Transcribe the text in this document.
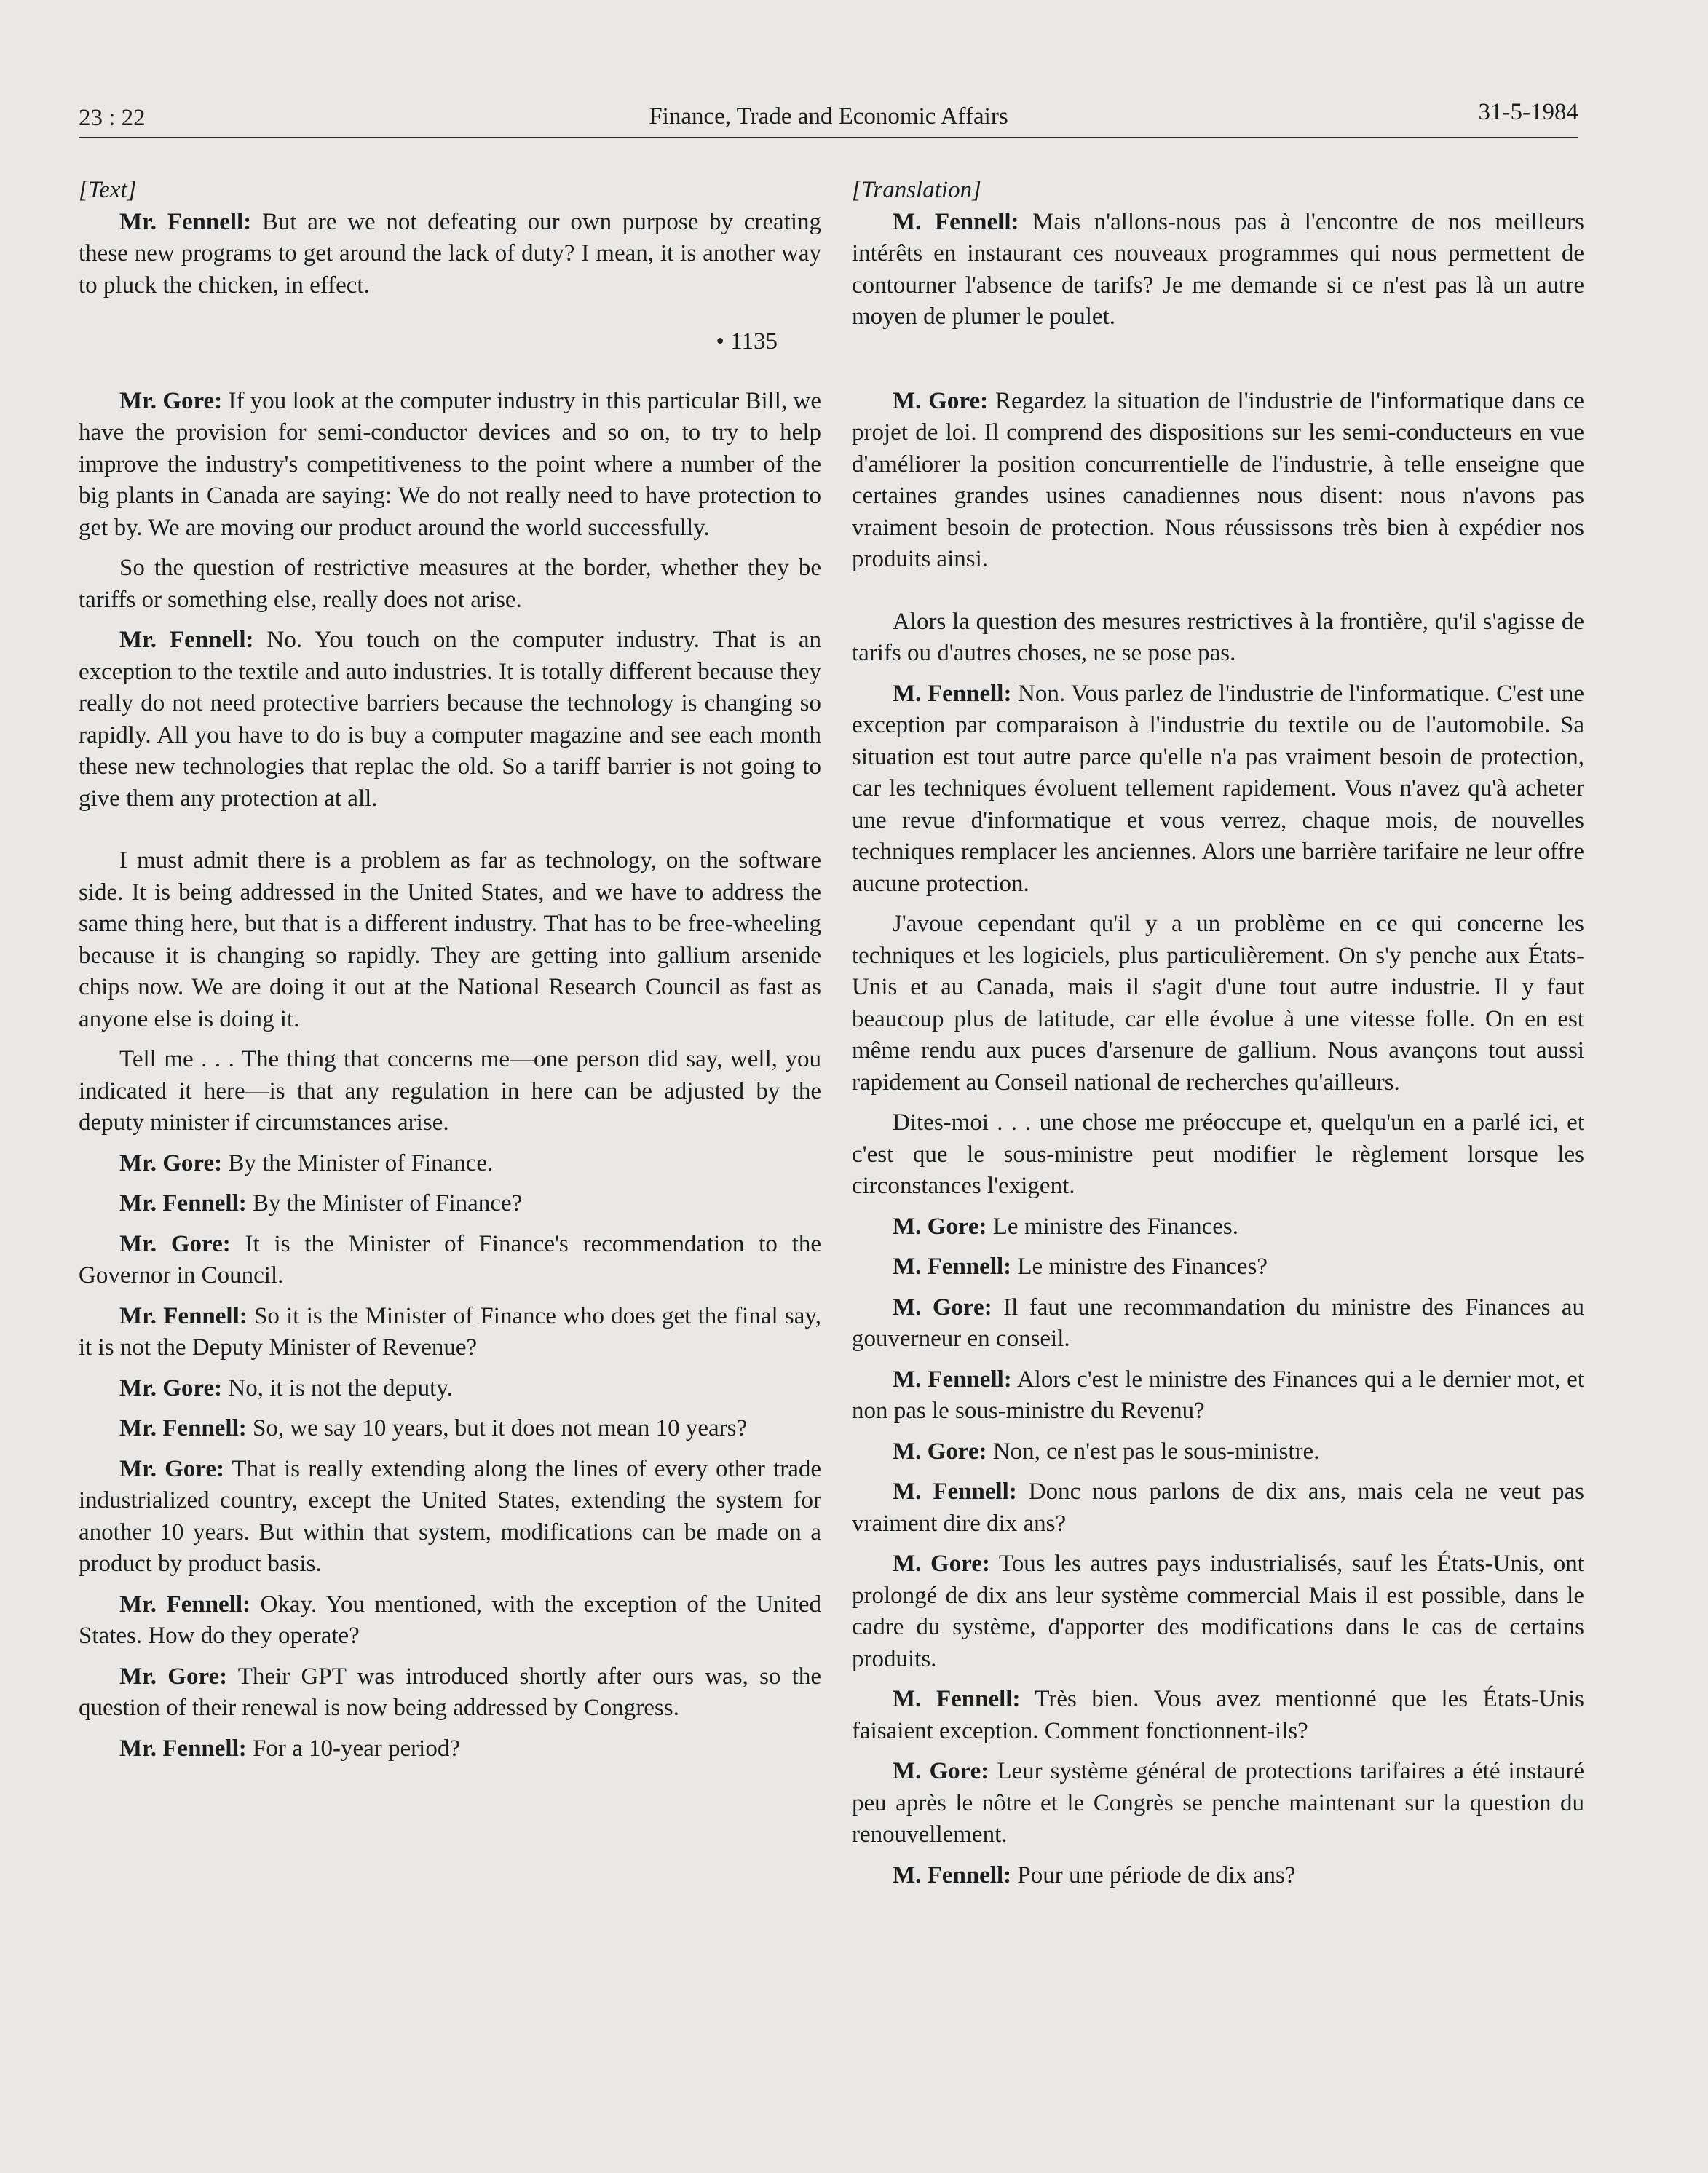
23 : 22	Finance, Trade and Economic Affairs	31-5-1984

[Text]

Mr. Fennell: But are we not defeating our own purpose by creating these new programs to get around the lack of duty? I mean, it is another way to pluck the chicken, in effect.

• 1135

Mr. Gore: If you look at the computer industry in this particular Bill, we have the provision for semi-conductor devices and so on, to try to help improve the industry's competitiveness to the point where a number of the big plants in Canada are saying: We do not really need to have protection to get by. We are moving our product around the world successfully.

So the question of restrictive measures at the border, whether they be tariffs or something else, really does not arise.

Mr. Fennell: No. You touch on the computer industry. That is an exception to the textile and auto industries. It is totally different because they really do not need protective barriers because the technology is changing so rapidly. All you have to do is buy a computer magazine and see each month these new technologies that replac the old. So a tariff barrier is not going to give them any protection at all.

I must admit there is a problem as far as technology, on the software side. It is being addressed in the United States, and we have to address the same thing here, but that is a different industry. That has to be free-wheeling because it is changing so rapidly. They are getting into gallium arsenide chips now. We are doing it out at the National Research Council as fast as anyone else is doing it.

Tell me . . . The thing that concerns me—one person did say, well, you indicated it here—is that any regulation in here can be adjusted by the deputy minister if circumstances arise.

Mr. Gore: By the Minister of Finance.

Mr. Fennell: By the Minister of Finance?

Mr. Gore: It is the Minister of Finance's recommendation to the Governor in Council.

Mr. Fennell: So it is the Minister of Finance who does get the final say, it is not the Deputy Minister of Revenue?

Mr. Gore: No, it is not the deputy.

Mr. Fennell: So, we say 10 years, but it does not mean 10 years?

Mr. Gore: That is really extending along the lines of every other trade industrialized country, except the United States, extending the system for another 10 years. But within that system, modifications can be made on a product by product basis.

Mr. Fennell: Okay. You mentioned, with the exception of the United States. How do they operate?

Mr. Gore: Their GPT was introduced shortly after ours was, so the question of their renewal is now being addressed by Congress.

Mr. Fennell: For a 10-year period?

[Translation]

M. Fennell: Mais n'allons-nous pas à l'encontre de nos meilleurs intérêts en instaurant ces nouveaux programmes qui nous permettent de contourner l'absence de tarifs? Je me demande si ce n'est pas là un autre moyen de plumer le poulet.

M. Gore: Regardez la situation de l'industrie de l'informatique dans ce projet de loi. Il comprend des dispositions sur les semi-conducteurs en vue d'améliorer la position concurrentielle de l'industrie, à telle enseigne que certaines grandes usines canadiennes nous disent: nous n'avons pas vraiment besoin de protection. Nous réussissons très bien à expédier nos produits ainsi.

Alors la question des mesures restrictives à la frontière, qu'il s'agisse de tarifs ou d'autres choses, ne se pose pas.

M. Fennell: Non. Vous parlez de l'industrie de l'informatique. C'est une exception par comparaison à l'industrie du textile ou de l'automobile. Sa situation est tout autre parce qu'elle n'a pas vraiment besoin de protection, car les techniques évoluent tellement rapidement. Vous n'avez qu'à acheter une revue d'informatique et vous verrez, chaque mois, de nouvelles techniques remplacer les anciennes. Alors une barrière tarifaire ne leur offre aucune protection.

J'avoue cependant qu'il y a un problème en ce qui concerne les techniques et les logiciels, plus particulièrement. On s'y penche aux États-Unis et au Canada, mais il s'agit d'une tout autre industrie. Il y faut beaucoup plus de latitude, car elle évolue à une vitesse folle. On en est même rendu aux puces d'arsenure de gallium. Nous avançons tout aussi rapidement au Conseil national de recherches qu'ailleurs.

Dites-moi . . . une chose me préoccupe et, quelqu'un en a parlé ici, et c'est que le sous-ministre peut modifier le règlement lorsque les circonstances l'exigent.

M. Gore: Le ministre des Finances.

M. Fennell: Le ministre des Finances?

M. Gore: Il faut une recommandation du ministre des Finances au gouverneur en conseil.

M. Fennell: Alors c'est le ministre des Finances qui a le dernier mot, et non pas le sous-ministre du Revenu?

M. Gore: Non, ce n'est pas le sous-ministre.

M. Fennell: Donc nous parlons de dix ans, mais cela ne veut pas vraiment dire dix ans?

M. Gore: Tous les autres pays industrialisés, sauf les États-Unis, ont prolongé de dix ans leur système commercial Mais il est possible, dans le cadre du système, d'apporter des modifications dans le cas de certains produits.

M. Fennell: Très bien. Vous avez mentionné que les États-Unis faisaient exception. Comment fonctionnent-ils?

M. Gore: Leur système général de protections tarifaires a été instauré peu après le nôtre et le Congrès se penche maintenant sur la question du renouvellement.

M. Fennell: Pour une période de dix ans?
